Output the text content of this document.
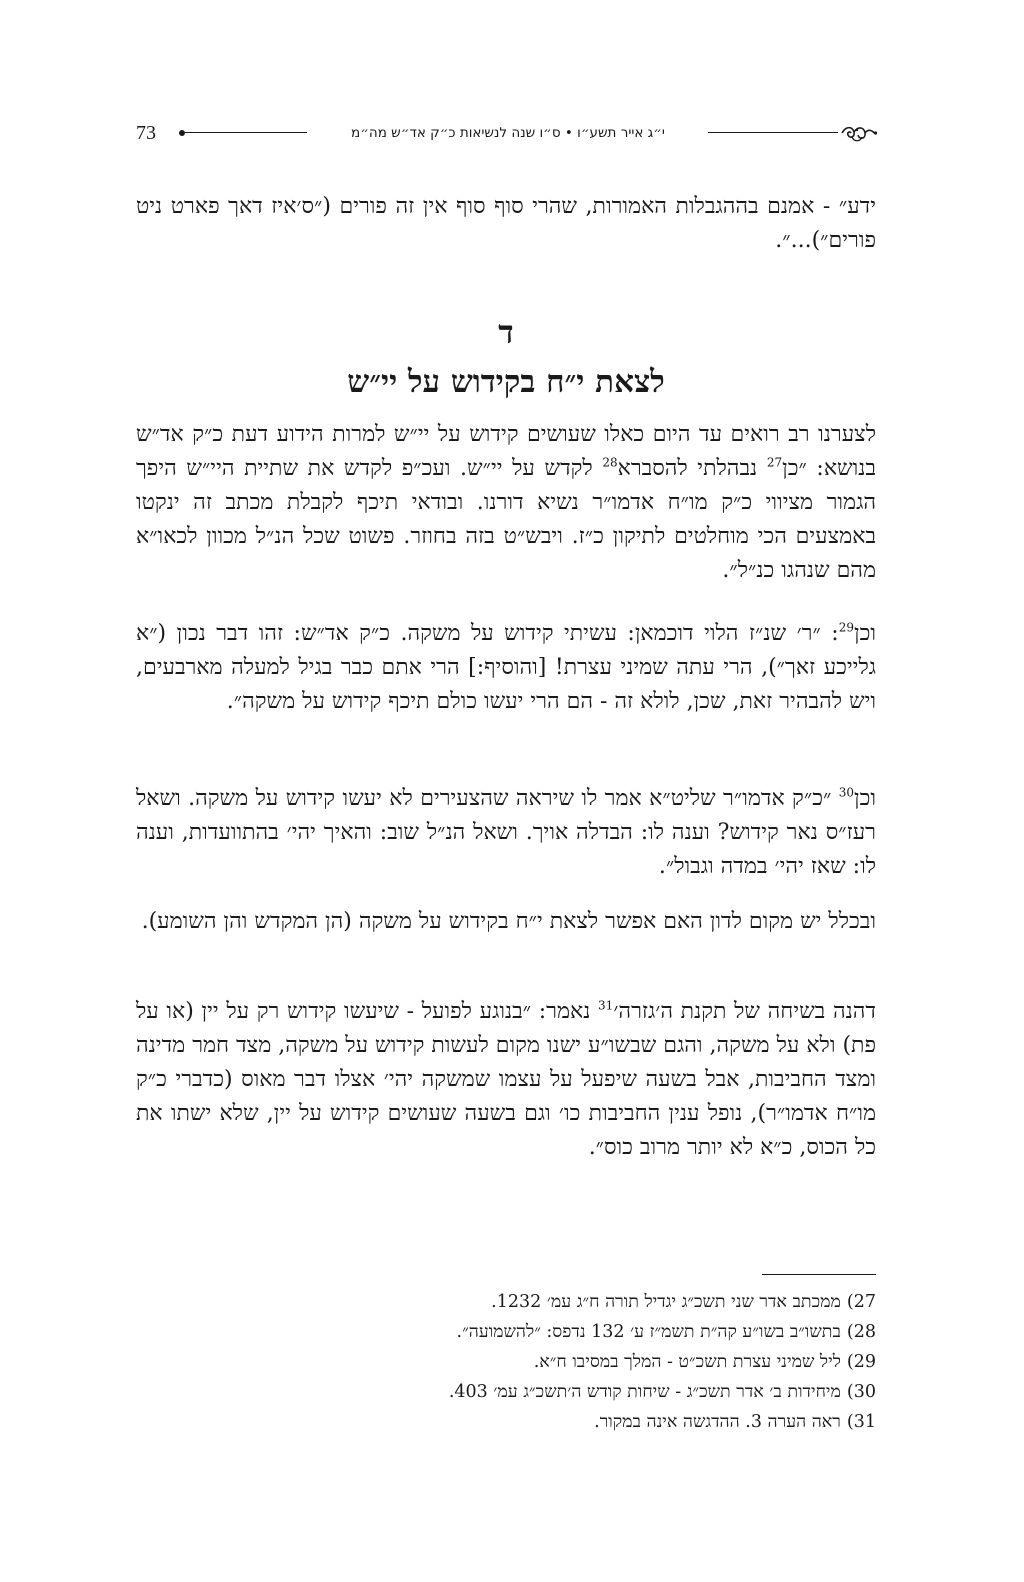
73	י״ג אייר תשע״ו • ס״ו שנה לנשיאות כ״ק אד״ש מה״מ

ידע״ - אמנם בההגבלות האמורות, שהרי סוף סוף אין זה פורים (״ס׳איז דאך פארט ניט פורים״)...״.

ד
לצאת י״ח בקידוש על יי״ש

לצערנו רב רואים עד היום כאלו שעושים קידוש על יי״ש למרות הידוע דעת כ״ק אד״ש בנושא: ״כן$^{27}$ נבהלתי להסברא$^{28}$ לקדש על יי״ש. ועכ״פ לקדש את שתיית היי״ש היפך הגמור מציווי כ״ק מו״ח אדמו״ר נשיא דורנו. ובודאי תיכף לקבלת מכתב זה ינקטו באמצעים הכי מוחלטים לתיקון כ״ז. ויבש״ט בזה בחוזר. פשוט שכל הנ״ל מכוון לכאו״א מהם שנהגו כנ״ל״.

וכן$^{29}$: ״ר׳ שנ״ז הלוי דוכמאן: עשיתי קידוש על משקה. כ״ק אד״ש: זהו דבר נכון (״א גלייכע זאך״), הרי עתה שמיני עצרת! [והוסיף:] הרי אתם כבר בגיל למעלה מארבעים, ויש להבהיר זאת, שכן, לולא זה - הם הרי יעשו כולם תיכף קידוש על משקה״.

וכן$^{30}$ ״כ״ק אדמו״ר שליט״א אמר לו שיראה שהצעירים לא יעשו קידוש על משקה. ושאל רעז״ס נאר קידוש? וענה לו: הבדלה אויך. ושאל הנ״ל שוב: והאיך יהי׳ בהתוועדות, וענה לו: שאז יהי׳ במדה וגבול״.

ובכלל יש מקום לדון האם אפשר לצאת י״ח בקידוש על משקה (הן המקדש והן השומע).

דהנה בשיחה של תקנת ה׳גזרה׳$^{31}$ נאמר: ״בנוגע לפועל - שיעשו קידוש רק על יין (או על פת) ולא על משקה, והגם שבשו״ע ישנו מקום לעשות קידוש על משקה, מצד חמר מדינה ומצד החביבות, אבל בשעה שיפעל על עצמו שמשקה יהי׳ אצלו דבר מאוס (כדברי כ״ק מו״ח אדמו״ר), נופל ענין החביבות כו׳ וגם בשעה שעושים קידוש על יין, שלא ישתו את כל הכוס, כ״א לא יותר מרוב כוס״.

27)ממכתב אדר שני תשכ״ג יגדיל תורה ח״ג עמ׳ 1232.
28)בתשו״ב בשו״ע קה״ת תשמ״ז ע׳ 132 נדפס: ״להשמועה״.
29)ליל שמיני עצרת תשכ״ט - המלך במסיבו ח״א.
30)מיחידות ב׳ אדר תשכ״ג - שיחות קודש ה׳תשכ״ג עמ׳ 403.
31)ראה הערה 3. ההדגשה אינה במקור.
